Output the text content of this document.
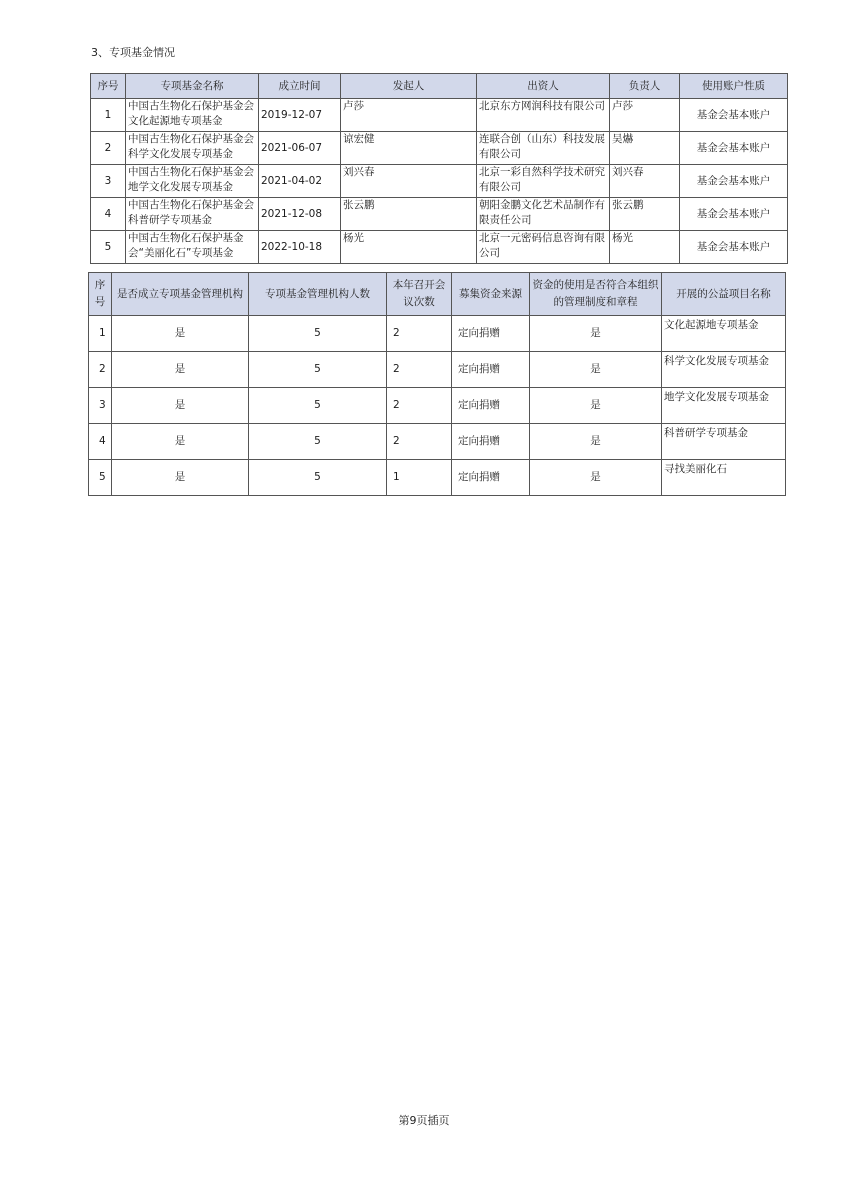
3、专项基金情况
序号	专项基金名称	成立时间	发起人	出资人	负责人	使用账户性质
1	中国古生物化石保护基金会文化起源地专项基金	2019-12-07	卢莎	北京东方网润科技有限公司	卢莎	基金会基本账户
2	中国古生物化石保护基金会科学文化发展专项基金	2021-06-07	谅宏健	连联合创（山东）科技发展有限公司	吴爀	基金会基本账户
3	中国古生物化石保护基金会地学文化发展专项基金	2021-04-02	刘兴春	北京一彩自然科学技术研究有限公司	刘兴春	基金会基本账户
4	中国古生物化石保护基金会科普研学专项基金	2021-12-08	张云鹏	朝阳金鹏文化艺术品制作有限责任公司	张云鹏	基金会基本账户
5	中国古生物化石保护基金会“美丽化石”专项基金	2022-10-18	杨光	北京一元密码信息咨询有限公司	杨光	基金会基本账户
序号	是否成立专项基金管理机构	专项基金管理机构人数	本年召开会议次数	募集资金来源	资金的使用是否符合本组织的管理制度和章程	开展的公益项目名称
1	是	5	2	定向捐赠	是	文化起源地专项基金
2	是	5	2	定向捐赠	是	科学文化发展专项基金
3	是	5	2	定向捐赠	是	地学文化发展专项基金
4	是	5	2	定向捐赠	是	科普研学专项基金
5	是	5	1	定向捐赠	是	寻找美丽化石
第9页插页
